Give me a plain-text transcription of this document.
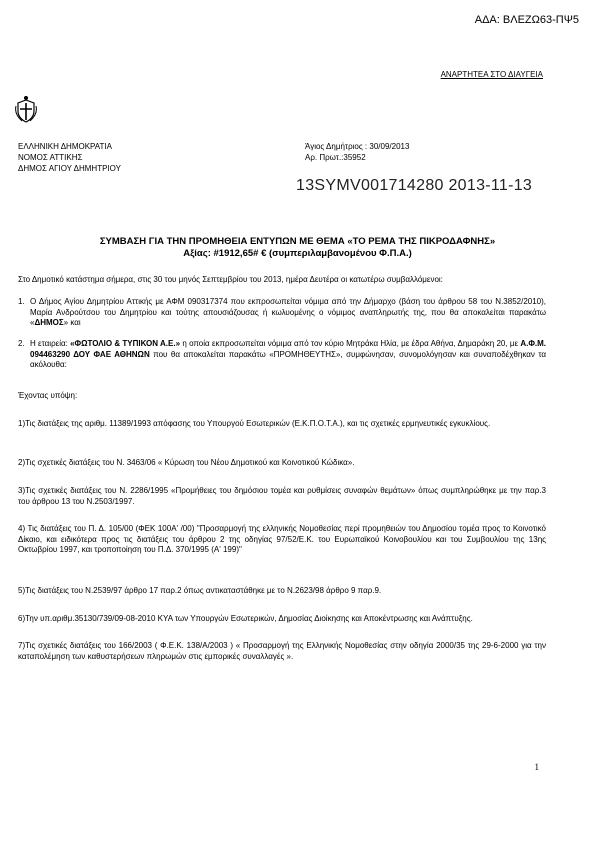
ΑΔΑ: ΒΛΕΖΩ63-ΠΨ5
ΑΝΑΡΤΗΤΕΑ ΣΤΟ ΔΙΑΥΓΕΙΑ
ΕΛΛΗΝΙΚΗ ΔΗΜΟΚΡΑΤΙΑ
ΝΟΜΟΣ ΑΤΤΙΚΗΣ
ΔΗΜΟΣ ΑΓΙΟΥ ΔΗΜΗΤΡΙΟΥ
Άγιος Δημήτριος : 30/09/2013
Αρ. Πρωτ.:35952
13SYMV001714280 2013-11-13
ΣΥΜΒΑΣΗ ΓΙΑ ΤΗΝ ΠΡΟΜΗΘΕΙΑ ΕΝΤΥΠΩΝ ΜΕ ΘΕΜΑ «ΤΟ ΡΕΜΑ ΤΗΣ ΠΙΚΡΟΔΑΦΝΗΣ»
Αξίας: #1912,65# € (συμπεριλαμβανομένου Φ.Π.Α.)
Στο Δημοτικό κατάστημα σήμερα, στις 30 του μηνός Σεπτεμβρίου του 2013, ημέρα Δευτέρα οι κατωτέρω συμβαλλόμενοι:
1. Ο Δήμος Αγίου Δημητρίου Αττικής με ΑΦΜ 090317374 που εκπροσωπείται νόμιμα από την Δήμαρχο (βάση του άρθρου 58 του Ν.3852/2010), Μαρία Ανδρούτσου του Δημητρίου και τούτης απουσιάζουσας ή κωλυομένης ο νόμιμος αναπληρωτής της, που θα αποκαλείται παρακάτω «ΔΗΜΟΣ» και
2. Η εταιρεία: «ΦΩΤΟΛΙΟ & ΤΥΠΙΚΟΝ Α.Ε.» η οποία εκπροσωπείται νόμιμα από τον κύριο Μητράκα Ηλία, με έδρα Αθήνα, Δημαράκη 20, με Α.Φ.Μ. 094463290 ΔΟΥ ΦΑΕ ΑΘΗΝΩΝ που θα αποκαλείται παρακάτω «ΠΡΟΜΗΘΕΥΤΗΣ», συμφώνησαν, συνομολόγησαν και συναποδέχθηκαν τα ακόλουθα:
Έχοντας υπόψη:
1)Τις διατάξεις της αριθμ. 11389/1993 απόφασης του Υπουργού Εσωτερικών (Ε.Κ.Π.Ο.Τ.Α.), και τις σχετικές ερμηνευτικές εγκυκλίους.
2)Τις σχετικές διατάξεις του Ν. 3463/06 « Κύρωση του Νέου Δημοτικού και Κοινοτικού Κώδικα».
3)Τις σχετικές διατάξεις του Ν. 2286/1995 «Προμήθειες του δημόσιου τομέα και ρυθμίσεις συναφών θεμάτων» όπως συμπληρώθηκε με την παρ.3 του άρθρου 13 του Ν.2503/1997.
4) Τις διατάξεις του Π. Δ. 105/00 (ΦΕΚ 100Α' /00) "Προσαρμογή της ελληνικής Νομοθεσίας περί προμηθειών του Δημοσίου τομέα προς το Κοινοτικό Δίκαιο, και ειδικότερα προς τις διατάξεις του άρθρου 2 της οδηγίας 97/52/Ε.Κ. του Ευρωπαϊκού Κοινοβουλίου και του Συμβουλίου της 13ης Οκτωβρίου 1997, και τροποποίηση του Π.Δ. 370/1995 (Α' 199)"
5)Τις διατάξεις του Ν.2539/97 άρθρο 17 παρ.2 όπως αντικαταστάθηκε με το Ν.2623/98 άρθρο 9 παρ.9.
6)Την υπ.αριθμ.35130/739/09-08-2010 ΚΥΑ των Υπουργών Εσωτερικών, Δημοσίας Διοίκησης και Αποκέντρωσης και Ανάπτυξης.
7)Τις σχετικές διατάξεις του 166/2003 ( Φ.Ε.Κ. 138/Α/2003 ) « Προσαρμογή της Ελληνικής Νομοθεσίας στην οδηγία 2000/35 της 29-6-2000 για την καταπολέμηση των καθυστερήσεων πληρωμών στις εμπορικές συναλλαγές ».
1
